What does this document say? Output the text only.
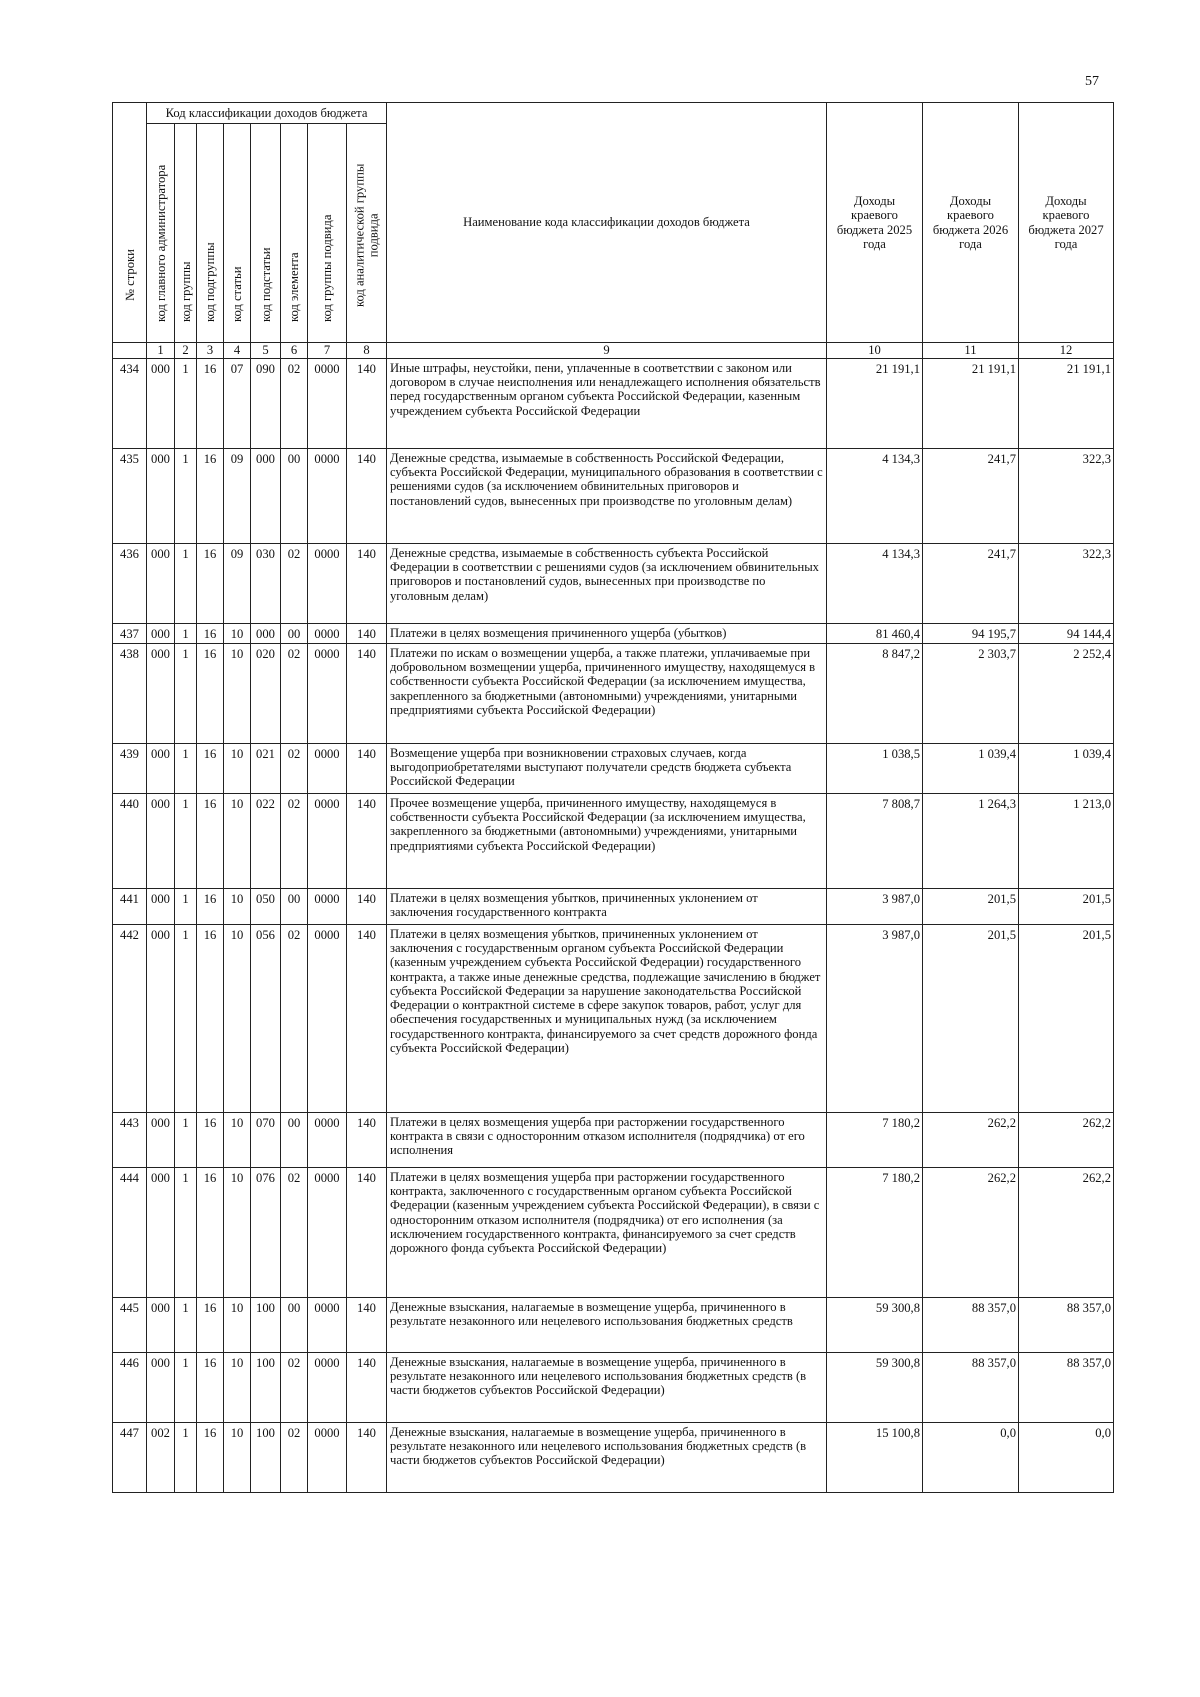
57
№ строки	Код классификации доходов бюджета								Наименование кода классификации доходов бюджета	Доходы краевого бюджета 2025 года	Доходы краевого бюджета 2026 года	Доходы краевого бюджета 2027 года

	код главного администратора	код группы	код подгруппы	код статьи	код подстатьи	код элемента	код группы подвида	код аналитической группы
подвида				

	1	2	3	4	5	6	7	8	9	10	11	12
434	000	1	16	07	090	02	0000	140	Иные штрафы, неустойки, пени, уплаченные в соответствии с законом или договором в случае неисполнения или ненадлежащего исполнения обязательств перед государственным органом субъекта Российской Федерации, казенным учреждением субъекта Российской Федерации	21 191,1	21 191,1	21 191,1
435	000	1	16	09	000	00	0000	140	Денежные средства, изымаемые в собственность Российской Федерации, субъекта Российской Федерации, муниципального образования в соответствии с решениями судов (за исключением обвинительных приговоров и постановлений судов, вынесенных при производстве по уголовным делам)	4 134,3	241,7	322,3
436	000	1	16	09	030	02	0000	140	Денежные средства, изымаемые в собственность субъекта Российской Федерации в соответствии с решениями судов (за исключением обвинительных приговоров и постановлений судов, вынесенных при производстве по уголовным делам)	4 134,3	241,7	322,3
437	000	1	16	10	000	00	0000	140	Платежи в целях возмещения причиненного ущерба (убытков)	81 460,4	94 195,7	94 144,4
438	000	1	16	10	020	02	0000	140	Платежи по искам о возмещении ущерба, а также платежи, уплачиваемые при добровольном возмещении ущерба, причиненного имуществу, находящемуся в собственности субъекта Российской Федерации (за исключением имущества, закрепленного за бюджетными (автономными) учреждениями, унитарными предприятиями субъекта Российской Федерации)	8 847,2	2 303,7	2 252,4
439	000	1	16	10	021	02	0000	140	Возмещение ущерба при возникновении страховых случаев, когда выгодоприобретателями выступают получатели средств бюджета субъекта Российской Федерации	1 038,5	1 039,4	1 039,4
440	000	1	16	10	022	02	0000	140	Прочее возмещение ущерба, причиненного имуществу, находящемуся в собственности субъекта Российской Федерации (за исключением имущества, закрепленного за бюджетными (автономными) учреждениями, унитарными предприятиями субъекта Российской Федерации)	7 808,7	1 264,3	1 213,0
441	000	1	16	10	050	00	0000	140	Платежи в целях возмещения убытков, причиненных уклонением от заключения государственного контракта	3 987,0	201,5	201,5
442	000	1	16	10	056	02	0000	140	Платежи в целях возмещения убытков, причиненных уклонением от заключения с государственным органом субъекта Российской Федерации (казенным учреждением субъекта Российской Федерации) государственного контракта, а также иные денежные средства, подлежащие зачислению в бюджет субъекта Российской Федерации за нарушение законодательства Российской Федерации о контрактной системе в сфере закупок товаров, работ, услуг для обеспечения государственных и муниципальных нужд (за исключением государственного контракта, финансируемого за счет средств дорожного фонда субъекта Российской Федерации)	3 987,0	201,5	201,5
443	000	1	16	10	070	00	0000	140	Платежи в целях возмещения ущерба при расторжении государственного контракта в связи с односторонним отказом исполнителя (подрядчика) от его исполнения	7 180,2	262,2	262,2
444	000	1	16	10	076	02	0000	140	Платежи в целях возмещения ущерба при расторжении государственного контракта, заключенного с государственным органом субъекта Российской Федерации (казенным учреждением субъекта Российской Федерации), в связи с односторонним отказом исполнителя (подрядчика) от его исполнения (за исключением государственного контракта, финансируемого за счет средств дорожного фонда субъекта Российской Федерации)	7 180,2	262,2	262,2
445	000	1	16	10	100	00	0000	140	Денежные взыскания, налагаемые в возмещение ущерба, причиненного в результате незаконного или нецелевого использования бюджетных средств	59 300,8	88 357,0	88 357,0
446	000	1	16	10	100	02	0000	140	Денежные взыскания, налагаемые в возмещение ущерба, причиненного в результате незаконного или нецелевого использования бюджетных средств (в части бюджетов субъектов Российской Федерации)	59 300,8	88 357,0	88 357,0
447	002	1	16	10	100	02	0000	140	Денежные взыскания, налагаемые в возмещение ущерба, причиненного в результате незаконного или нецелевого использования бюджетных средств (в части бюджетов субъектов Российской Федерации)	15 100,8	0,0	0,0
